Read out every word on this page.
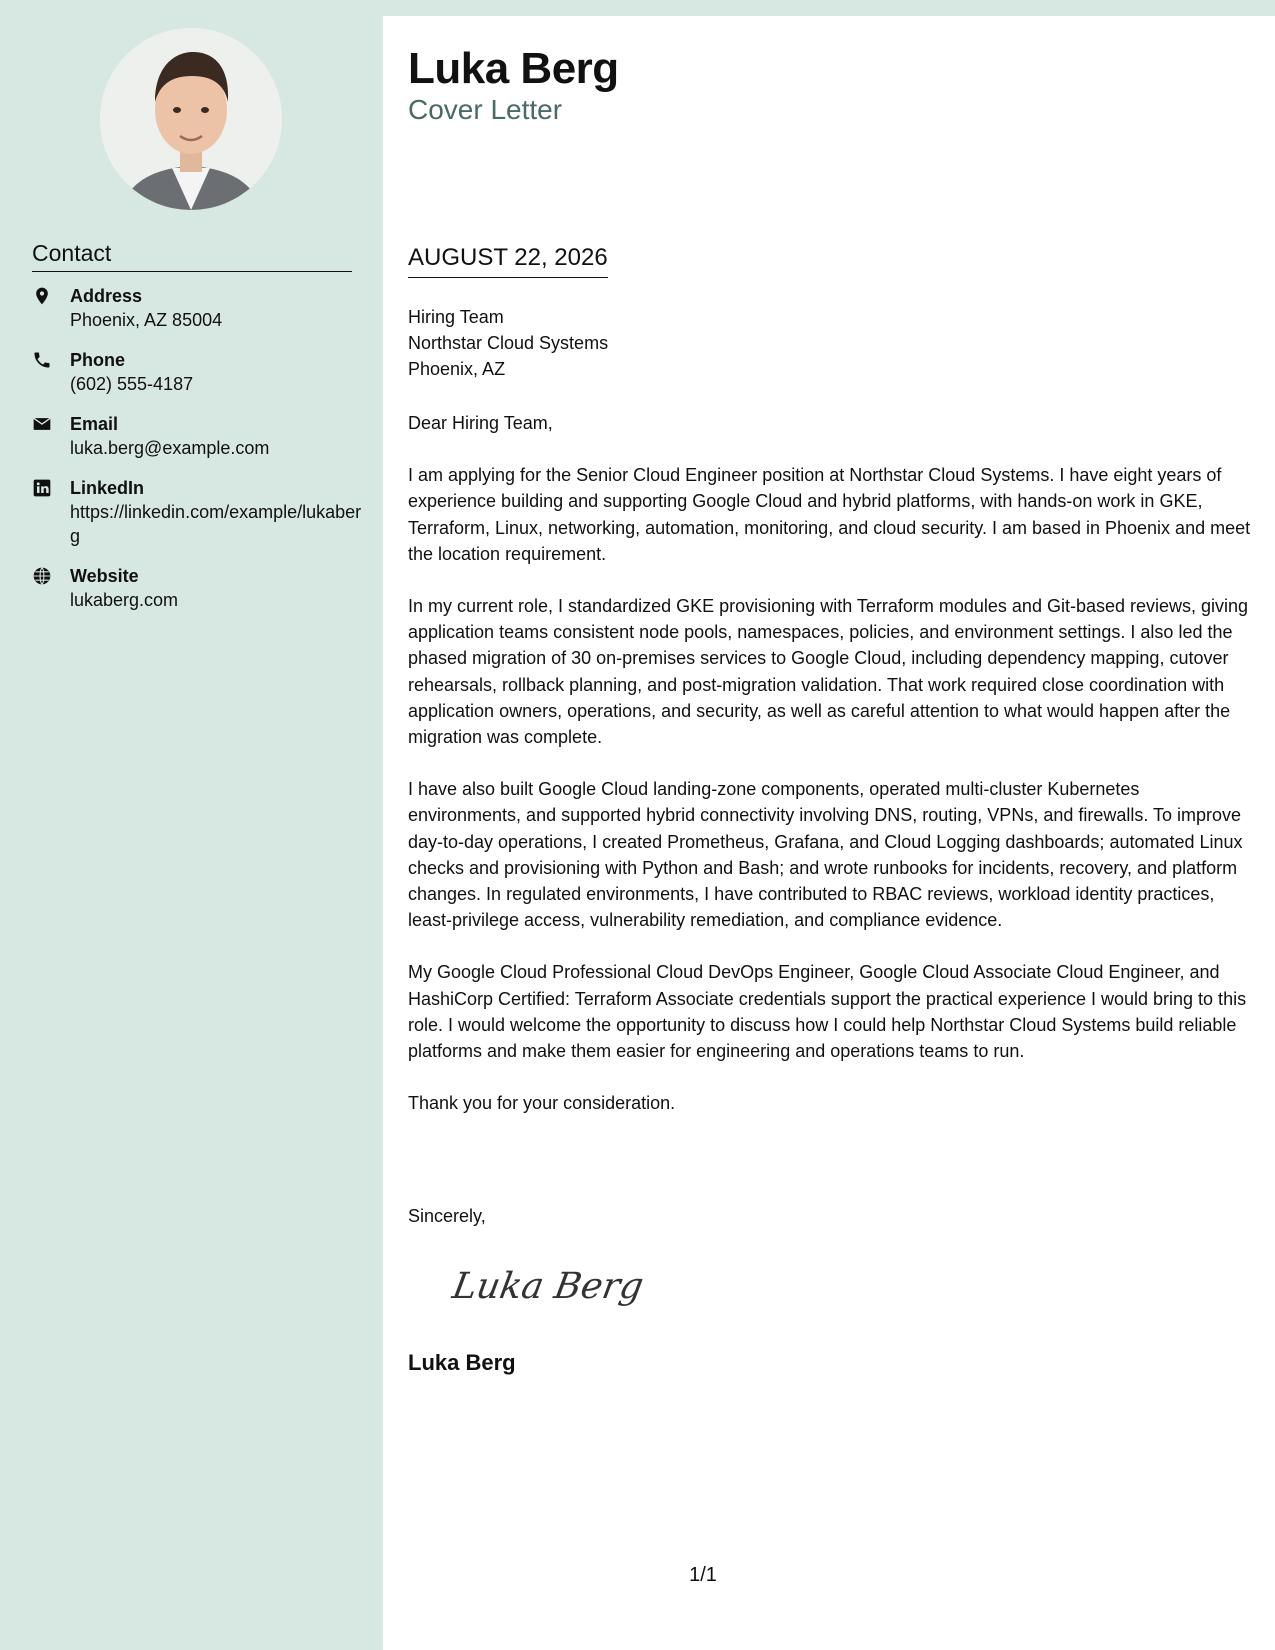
Contact
Address
Phoenix, AZ 85004
Phone
(602) 555-4187
Email
luka.berg@example.com
LinkedIn
https://linkedin.com/example/lukaberg
Website
lukaberg.com
Luka Berg
Cover Letter
AUGUST 22, 2026
Hiring Team
Northstar Cloud Systems
Phoenix, AZ

Dear Hiring Team,

I am applying for the Senior Cloud Engineer position at Northstar Cloud Systems. I have eight years of experience building and supporting Google Cloud and hybrid platforms, with hands-on work in GKE, Terraform, Linux, networking, automation, monitoring, and cloud security. I am based in Phoenix and meet the location requirement.

In my current role, I standardized GKE provisioning with Terraform modules and Git-based reviews, giving application teams consistent node pools, namespaces, policies, and environment settings. I also led the phased migration of 30 on-premises services to Google Cloud, including dependency mapping, cutover rehearsals, rollback planning, and post-migration validation. That work required close coordination with application owners, operations, and security, as well as careful attention to what would happen after the migration was complete.

I have also built Google Cloud landing-zone components, operated multi-cluster Kubernetes environments, and supported hybrid connectivity involving DNS, routing, VPNs, and firewalls. To improve day-to-day operations, I created Prometheus, Grafana, and Cloud Logging dashboards; automated Linux checks and provisioning with Python and Bash; and wrote runbooks for incidents, recovery, and platform changes. In regulated environments, I have contributed to RBAC reviews, workload identity practices, least-privilege access, vulnerability remediation, and compliance evidence.

My Google Cloud Professional Cloud DevOps Engineer, Google Cloud Associate Cloud Engineer, and HashiCorp Certified: Terraform Associate credentials support the practical experience I would bring to this role. I would welcome the opportunity to discuss how I could help Northstar Cloud Systems build reliable platforms and make them easier for engineering and operations teams to run.

Thank you for your consideration.

Sincerely,
Luka Berg
Luka Berg
1/1
